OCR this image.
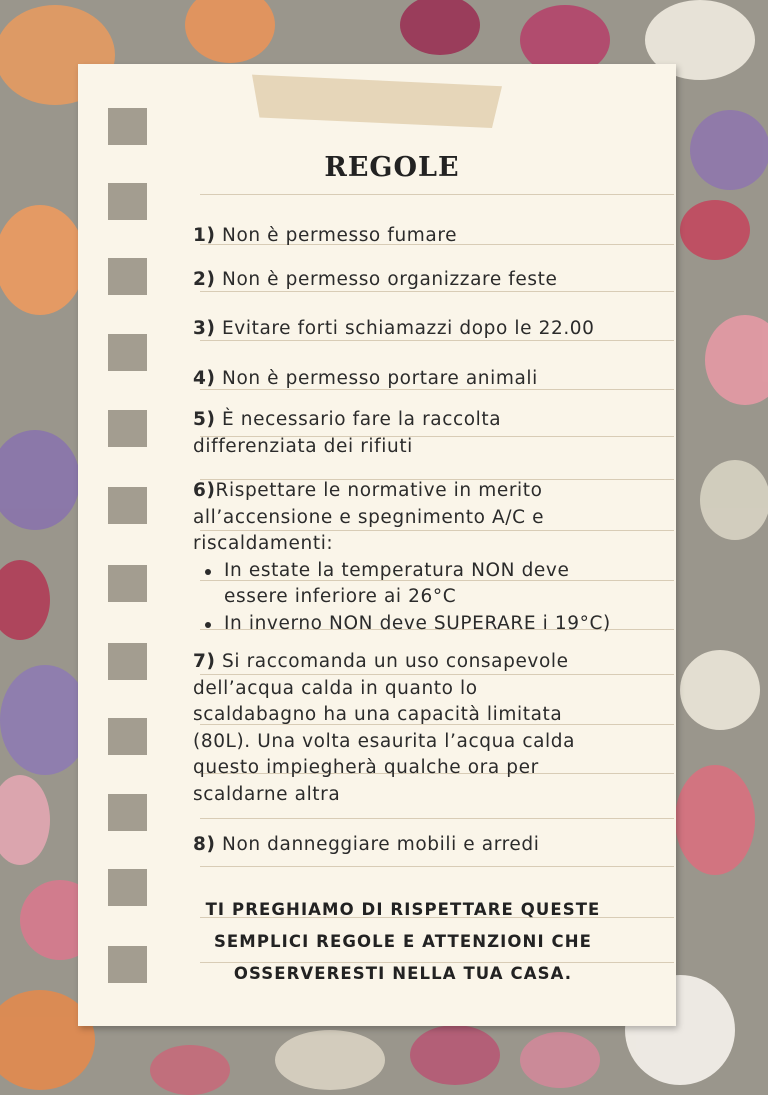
REGOLE

1) Non è permesso fumare

2) Non è permesso organizzare feste

3) Evitare forti schiamazzi dopo le 22.00

4) Non è permesso portare animali

5) È necessario fare la raccolta differenziata dei rifiuti

6)Rispettare le normative in merito all’accensione e spegnimento A/C e riscaldamenti:
In estate la temperatura NON deve essere inferiore ai 26°C
In inverno NON deve SUPERARE i 19°C)

7) Si raccomanda un uso consapevole dell’acqua calda in quanto lo scaldabagno ha una capacità limitata (80L). Una volta esaurita l’acqua calda questo impiegherà qualche ora per scaldarne altra

8) Non danneggiare mobili e arredi

TI PREGHIAMO DI RISPETTARE QUESTE
SEMPLICI REGOLE E ATTENZIONI CHE
OSSERVERESTI NELLA TUA CASA.
